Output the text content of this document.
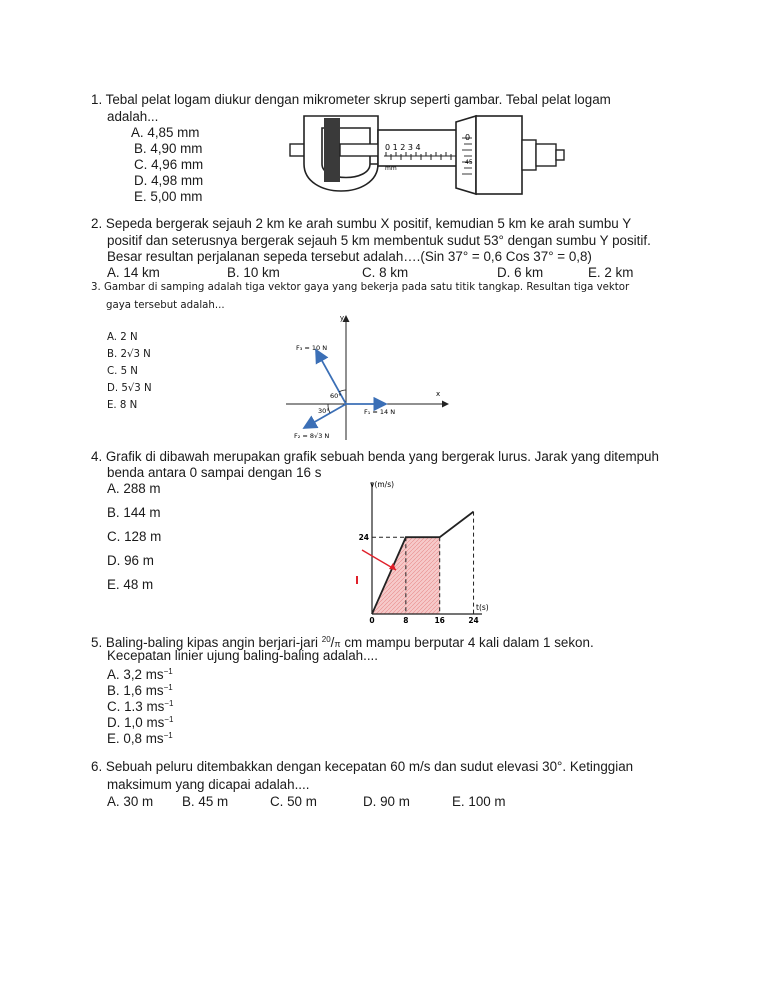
1. Tebal pelat logam diukur dengan mikrometer skrup seperti gambar. Tebal pelat logam
adalah...
A. 4,85 mm
B. 4,90 mm
C. 4,96 mm
D. 4,98 mm
E. 5,00 mm
0 1 2 3 4
mm
0
45
2. Sepeda bergerak sejauh 2 km ke arah sumbu X positif, kemudian 5 km ke arah sumbu Y
positif dan seterusnya bergerak sejauh 5 km membentuk sudut 53° dengan sumbu Y positif.
Besar resultan perjalanan sepeda tersebut adalah….(Sin 37° = 0,6 Cos 37° = 0,8)
A. 14 km	B. 10 km	C. 8 km	D. 6 km	E. 2 km
3. Gambar di samping adalah tiga vektor gaya yang bekerja pada satu titik tangkap. Resultan tiga vektor
gaya tersebut adalah...
A. 2 N
B. 2√3 N
C. 5 N
D. 5√3 N
E. 8 N
y
x
60°
30°
F₃ = 10 N
F₁ = 14 N
F₂ = 8√3 N
4. Grafik di dibawah merupakan grafik sebuah benda yang bergerak lurus. Jarak yang ditempuh
benda antara 0 sampai dengan 16 s
A. 288 m
B. 144 m
C. 128 m
D. 96 m
E. 48 m
0	8	16	24
24
v(m/s)
t(s)
5. Baling-baling kipas angin berjari-jari $^{20}$/π cm mampu berputar 4 kali dalam 1 sekon.
Kecepatan linier ujung baling-baling adalah....
A. 3,2 $ms^{-1}$
B. 1,6 $ms^{-1}$
C. 1.3 $ms^{-1}$
D. 1,0 $ms^{-1}$
E. 0,8 $ms^{-1}$
6. Sebuah peluru ditembakkan dengan kecepatan 60 m/s dan sudut elevasi 30°. Ketinggian
maksimum yang dicapai adalah....
A. 30 m B. 45 m	C. 50 m	D. 90 m	E. 100 m
